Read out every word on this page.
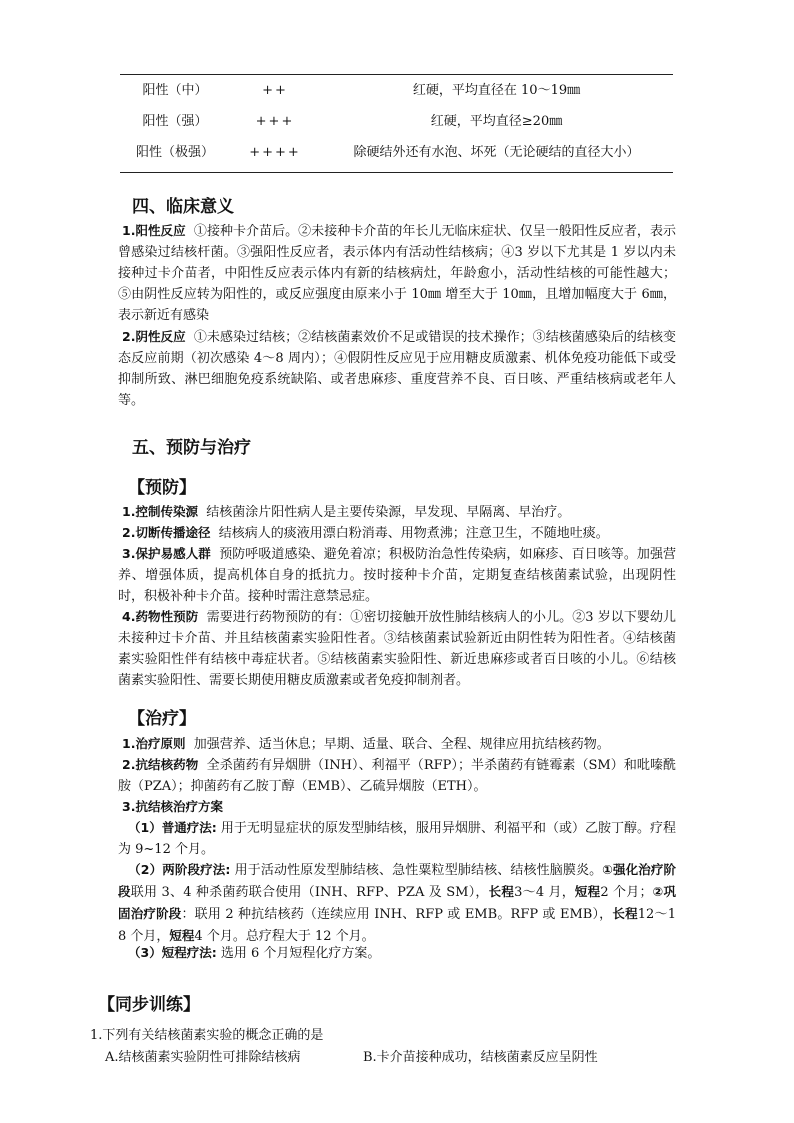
阳性（中）	++	红硬，平均直径在 10～19㎜
阳性（强）	+++	红硬，平均直径≥20㎜
阳性（极强）	++++	除硬结外还有水泡、坏死（无论硬结的直径大小）
四、临床意义
1.阳性反应 ①接种卡介苗后。②未接种卡介苗的年长儿无临床症状、仅呈一般阳性反应者，表示曾感染过结核杆菌。③强阳性反应者，表示体内有活动性结核病；④3 岁以下尤其是 1 岁以内未接种过卡介苗者，中阳性反应表示体内有新的结核病灶，年龄愈小，活动性结核的可能性越大；⑤由阴性反应转为阳性的，或反应强度由原来小于 10㎜ 增至大于 10㎜，且增加幅度大于 6㎜，表示新近有感染
2.阴性反应 ①未感染过结核；②结核菌素效价不足或错误的技术操作；③结核菌感染后的结核变态反应前期（初次感染 4～8 周内）；④假阴性反应见于应用糖皮质激素、机体免疫功能低下或受抑制所致、淋巴细胞免疫系统缺陷、或者患麻疹、重度营养不良、百日咳、严重结核病或老年人等。
五、预防与治疗
【预防】
1.控制传染源 结核菌涂片阳性病人是主要传染源，早发现、早隔离、早治疗。
2.切断传播途径 结核病人的痰液用漂白粉消毒、用物煮沸；注意卫生，不随地吐痰。
3.保护易感人群 预防呼吸道感染、避免着凉；积极防治急性传染病，如麻疹、百日咳等。加强营养、增强体质，提高机体自身的抵抗力。按时接种卡介苗，定期复查结核菌素试验，出现阴性时，积极补种卡介苗。接种时需注意禁忌症。
4.药物性预防 需要进行药物预防的有：①密切接触开放性肺结核病人的小儿。②3 岁以下婴幼儿未接种过卡介苗、并且结核菌素实验阳性者。③结核菌素试验新近由阴性转为阳性者。④结核菌素实验阳性伴有结核中毒症状者。⑤结核菌素实验阳性、新近患麻疹或者百日咳的小儿。⑥结核菌素实验阳性、需要长期使用糖皮质激素或者免疫抑制剂者。
【治疗】
1.治疗原则 加强营养、适当休息；早期、适量、联合、全程、规律应用抗结核药物。
2.抗结核药物 全杀菌药有异烟肼（INH）、利福平（RFP）；半杀菌药有链霉素（SM）和吡嗪酰胺（PZA）；抑菌药有乙胺丁醇（EMB）、乙硫异烟胺（ETH）。
3.抗结核治疗方案
（1）普通疗法: 用于无明显症状的原发型肺结核，服用异烟肼、利福平和（或）乙胺丁醇。疗程为 9~12 个月。
（2）两阶段疗法: 用于活动性原发型肺结核、急性粟粒型肺结核、结核性脑膜炎。①强化治疗阶段联用 3、4 种杀菌药联合使用（INH、RFP、PZA 及 SM），长程3～4 月，短程2 个月；②巩固治疗阶段：联用 2 种抗结核药（连续应用 INH、RFP 或 EMB。RFP 或 EMB），长程12～18 个月，短程4 个月。总疗程大于 12 个月。
（3）短程疗法: 选用 6 个月短程化疗方案。
【同步训练】
1.下列有关结核菌素实验的概念正确的是
A.结核菌素实验阴性可排除结核病	B.卡介苗接种成功，结核菌素反应呈阴性
